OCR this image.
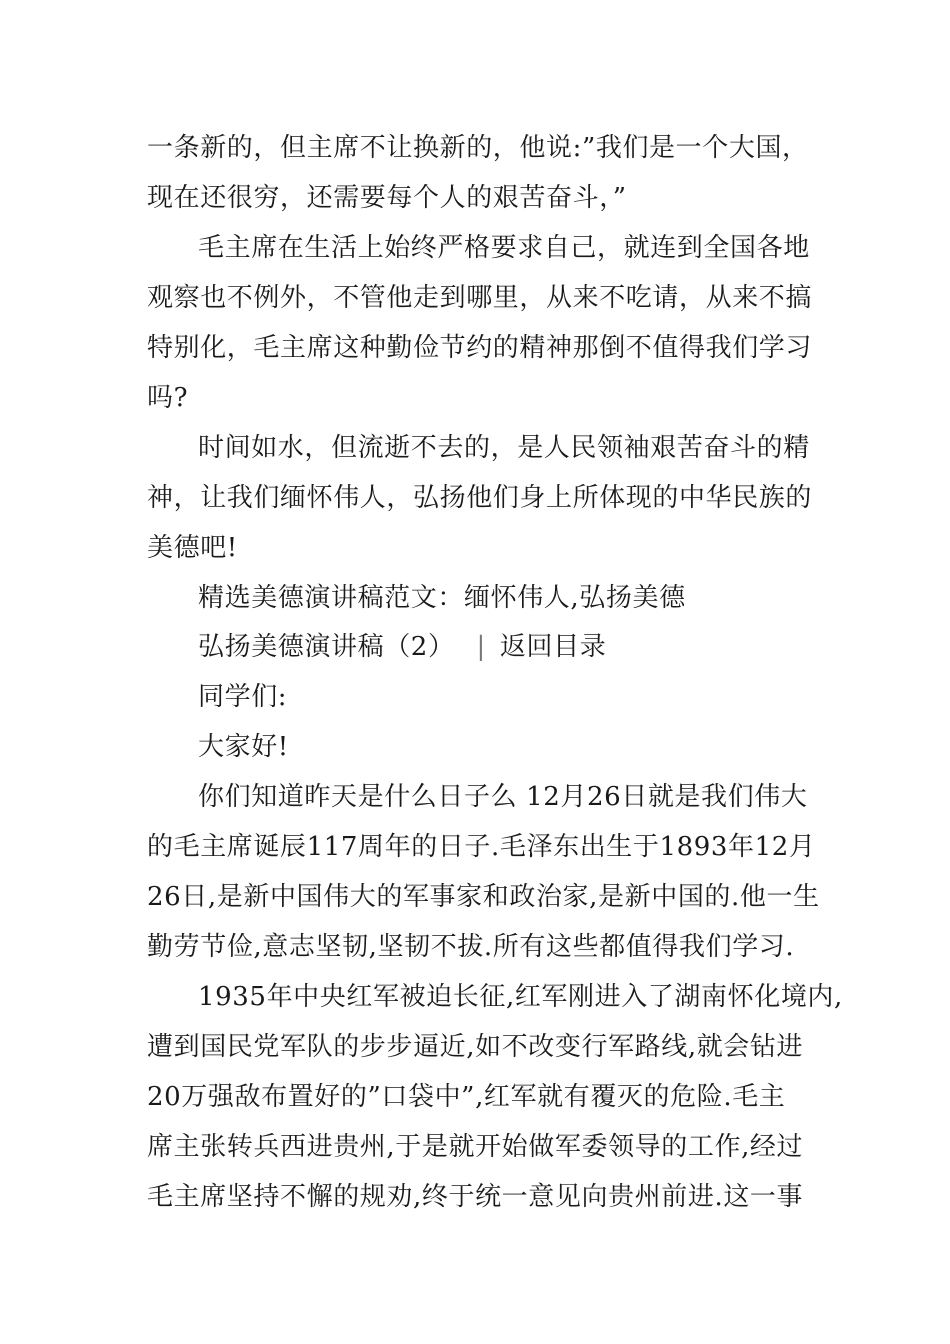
一条新的，但主席不让换新的，他说:”我们是一个大国，
现在还很穷，还需要每个人的艰苦奋斗，”
毛主席在生活上始终严格要求自己，就连到全国各地
观察也不例外，不管他走到哪里，从来不吃请，从来不搞
特别化，毛主席这种勤俭节约的精神那倒不值得我们学习
吗?
时间如水，但流逝不去的，是人民领袖艰苦奋斗的精
神，让我们缅怀伟人，弘扬他们身上所体现的中华民族的
美德吧!
精选美德演讲稿范文：缅怀伟人,弘扬美德
弘扬美德演讲稿（2） | 返回目录
同学们:
大家好!
你们知道昨天是什么日子么 12月26日就是我们伟大
的毛主席诞辰117周年的日子.毛泽东出生于1893年12月
26日,是新中国伟大的军事家和政治家,是新中国的.他一生
勤劳节俭,意志坚韧,坚韧不拔.所有这些都值得我们学习.
1935年中央红军被迫长征,红军刚进入了湖南怀化境内,
遭到国民党军队的步步逼近,如不改变行军路线,就会钻进
20万强敌布置好的”口袋中”,红军就有覆灭的危险.毛主
席主张转兵西进贵州,于是就开始做军委领导的工作,经过
毛主席坚持不懈的规劝,终于统一意见向贵州前进.这一事
